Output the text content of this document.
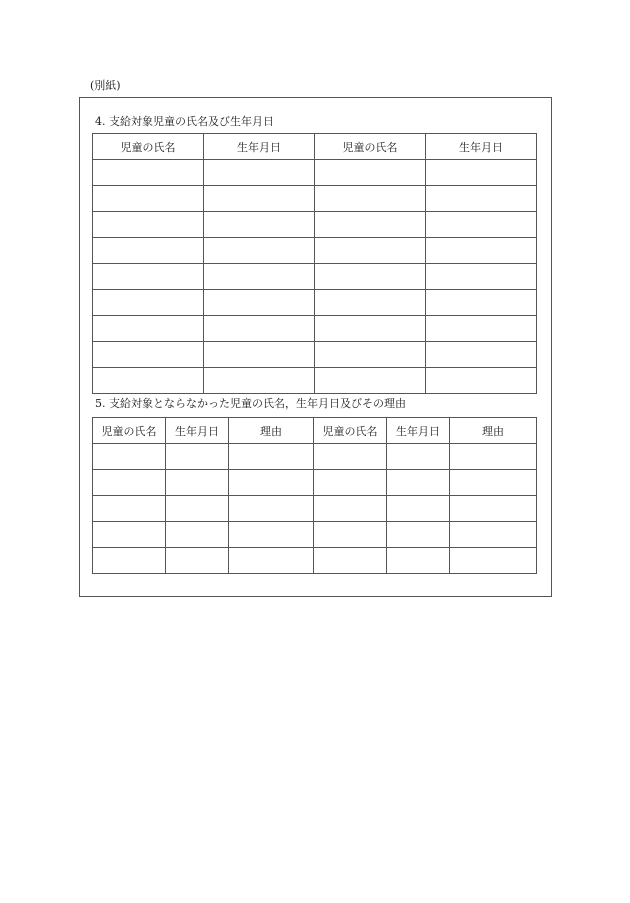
(別紙)
4. 支給対象児童の氏名及び生年月日
児童の氏名	生年月日	児童の氏名	生年月日

5. 支給対象とならなかった児童の氏名，生年月日及びその理由
児童の氏名	生年月日	理由	児童の氏名	生年月日	理由
